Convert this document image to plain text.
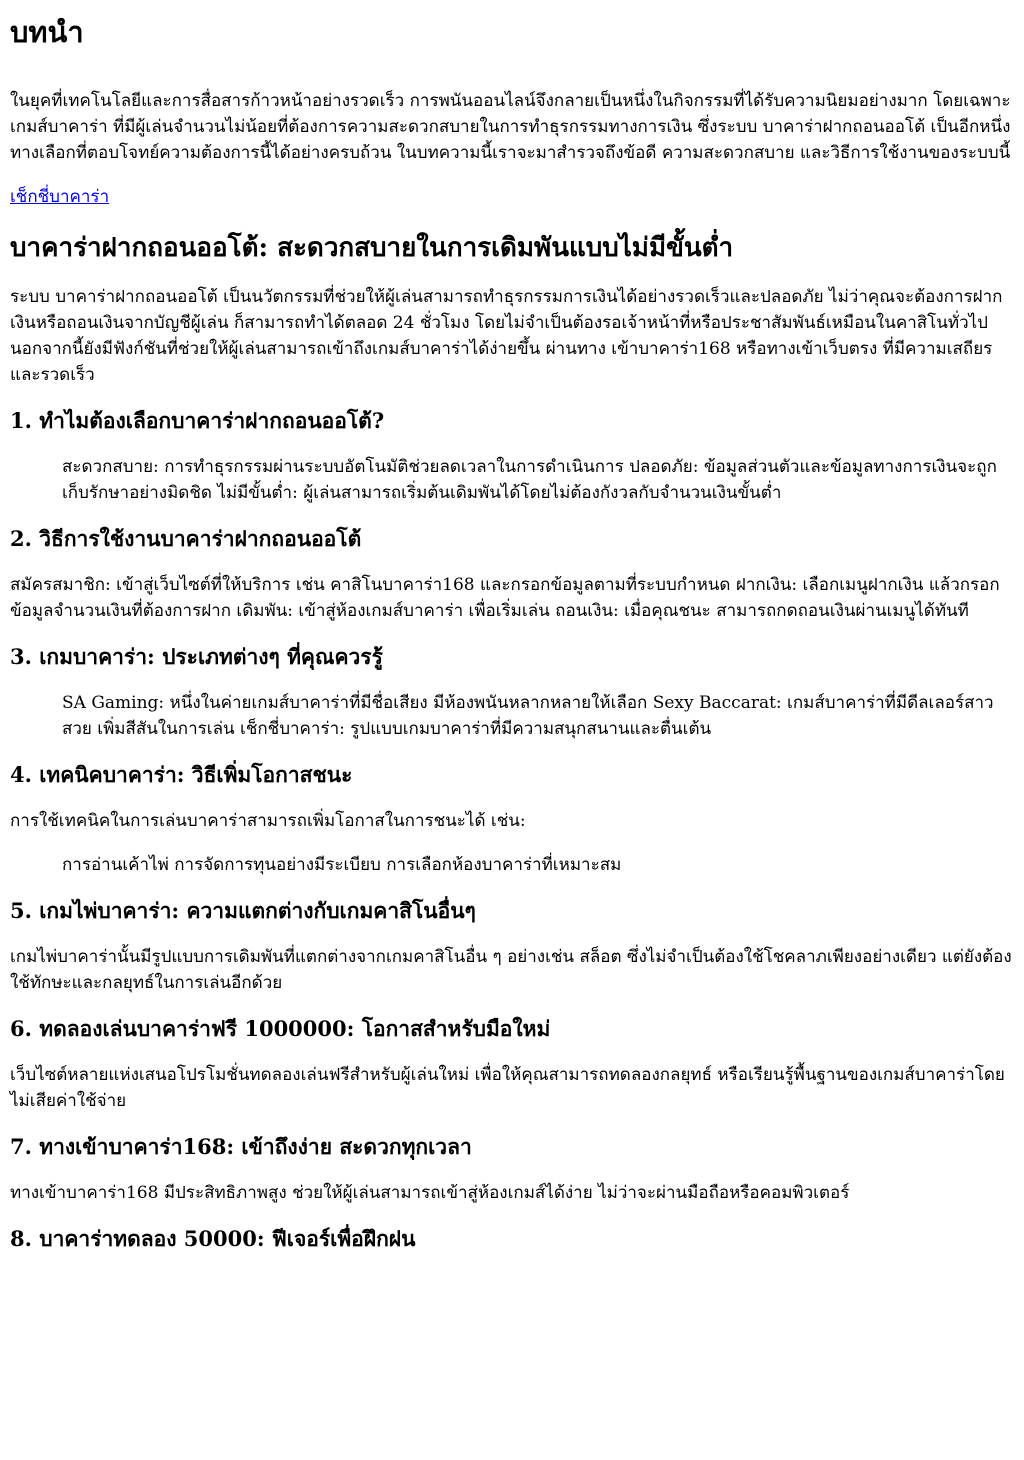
บทนำ

ในยุคที่เทคโนโลยีและการสื่อสารก้าวหน้าอย่างรวดเร็ว การพนันออนไลน์จึงกลายเป็นหนึ่งในกิจกรรมที่ได้รับความนิยมอย่างมาก โดยเฉพาะเกมส์บาคาร่า ที่มีผู้เล่นจำนวนไม่น้อยที่ต้องการความสะดวกสบายในการทำธุรกรรมทางการเงิน ซึ่งระบบ บาคาร่าฝากถอนออโต้ เป็นอีกหนึ่งทางเลือกที่ตอบโจทย์ความต้องการนี้ได้อย่างครบถ้วน ในบทความนี้เราจะมาสำรวจถึงข้อดี ความสะดวกสบาย และวิธีการใช้งานของระบบนี้

เช็กชี่บาคาร่า

บาคาร่าฝากถอนออโต้: สะดวกสบายในการเดิมพันแบบไม่มีขั้นต่ำ

ระบบ บาคาร่าฝากถอนออโต้ เป็นนวัตกรรมที่ช่วยให้ผู้เล่นสามารถทำธุรกรรมการเงินได้อย่างรวดเร็วและปลอดภัย ไม่ว่าคุณจะต้องการฝากเงินหรือถอนเงินจากบัญชีผู้เล่น ก็สามารถทำได้ตลอด 24 ชั่วโมง โดยไม่จำเป็นต้องรอเจ้าหน้าที่หรือประชาสัมพันธ์เหมือนในคาสิโนทั่วไป นอกจากนี้ยังมีฟังก์ชันที่ช่วยให้ผู้เล่นสามารถเข้าถึงเกมส์บาคาร่าได้ง่ายขึ้น ผ่านทาง เข้าบาคาร่า168 หรือทางเข้าเว็บตรง ที่มีความเสถียรและรวดเร็ว

1. ทำไมต้องเลือกบาคาร่าฝากถอนออโต้?
สะดวกสบาย: การทำธุรกรรมผ่านระบบอัตโนมัติช่วยลดเวลาในการดำเนินการ ปลอดภัย: ข้อมูลส่วนตัวและข้อมูลทางการเงินจะถูกเก็บรักษาอย่างมิดชิด ไม่มีขั้นต่ำ: ผู้เล่นสามารถเริ่มต้นเดิมพันได้โดยไม่ต้องกังวลกับจำนวนเงินขั้นต่ำ
2. วิธีการใช้งานบาคาร่าฝากถอนออโต้

สมัครสมาชิก: เข้าสู่เว็บไซต์ที่ให้บริการ เช่น คาสิโนบาคาร่า168 และกรอกข้อมูลตามที่ระบบกำหนด ฝากเงิน: เลือกเมนูฝากเงิน แล้วกรอกข้อมูลจำนวนเงินที่ต้องการฝาก เดิมพัน: เข้าสู่ห้องเกมส์บาคาร่า เพื่อเริ่มเล่น ถอนเงิน: เมื่อคุณชนะ สามารถกดถอนเงินผ่านเมนูได้ทันที

3. เกมบาคาร่า: ประเภทต่างๆ ที่คุณควรรู้
SA Gaming: หนึ่งในค่ายเกมส์บาคาร่าที่มีชื่อเสียง มีห้องพนันหลากหลายให้เลือก Sexy Baccarat: เกมส์บาคาร่าที่มีดีลเลอร์สาวสวย เพิ่มสีสันในการเล่น เช็กชี่บาคาร่า: รูปแบบเกมบาคาร่าที่มีความสนุกสนานและตื่นเต้น
4. เทคนิคบาคาร่า: วิธีเพิ่มโอกาสชนะ

การใช้เทคนิคในการเล่นบาคาร่าสามารถเพิ่มโอกาสในการชนะได้ เช่น:

การอ่านเค้าไพ่ การจัดการทุนอย่างมีระเบียบ การเลือกห้องบาคาร่าที่เหมาะสม
5. เกมไพ่บาคาร่า: ความแตกต่างกับเกมคาสิโนอื่นๆ

เกมไพ่บาคาร่านั้นมีรูปแบบการเดิมพันที่แตกต่างจากเกมคาสิโนอื่น ๆ อย่างเช่น สล็อต ซึ่งไม่จำเป็นต้องใช้โชคลาภเพียงอย่างเดียว แต่ยังต้องใช้ทักษะและกลยุทธ์ในการเล่นอีกด้วย

6. ทดลองเล่นบาคาร่าฟรี 1000000: โอกาสสำหรับมือใหม่

เว็บไซต์หลายแห่งเสนอโปรโมชั่นทดลองเล่นฟรีสำหรับผู้เล่นใหม่ เพื่อให้คุณสามารถทดลองกลยุทธ์ หรือเรียนรู้พื้นฐานของเกมส์บาคาร่าโดยไม่เสียค่าใช้จ่าย

7. ทางเข้าบาคาร่า168: เข้าถึงง่าย สะดวกทุกเวลา

ทางเข้าบาคาร่า168 มีประสิทธิภาพสูง ช่วยให้ผู้เล่นสามารถเข้าสู่ห้องเกมส์ได้ง่าย ไม่ว่าจะผ่านมือถือหรือคอมพิวเตอร์

8. บาคาร่าทดลอง 50000: ฟีเจอร์เพื่อฝึกฝน
